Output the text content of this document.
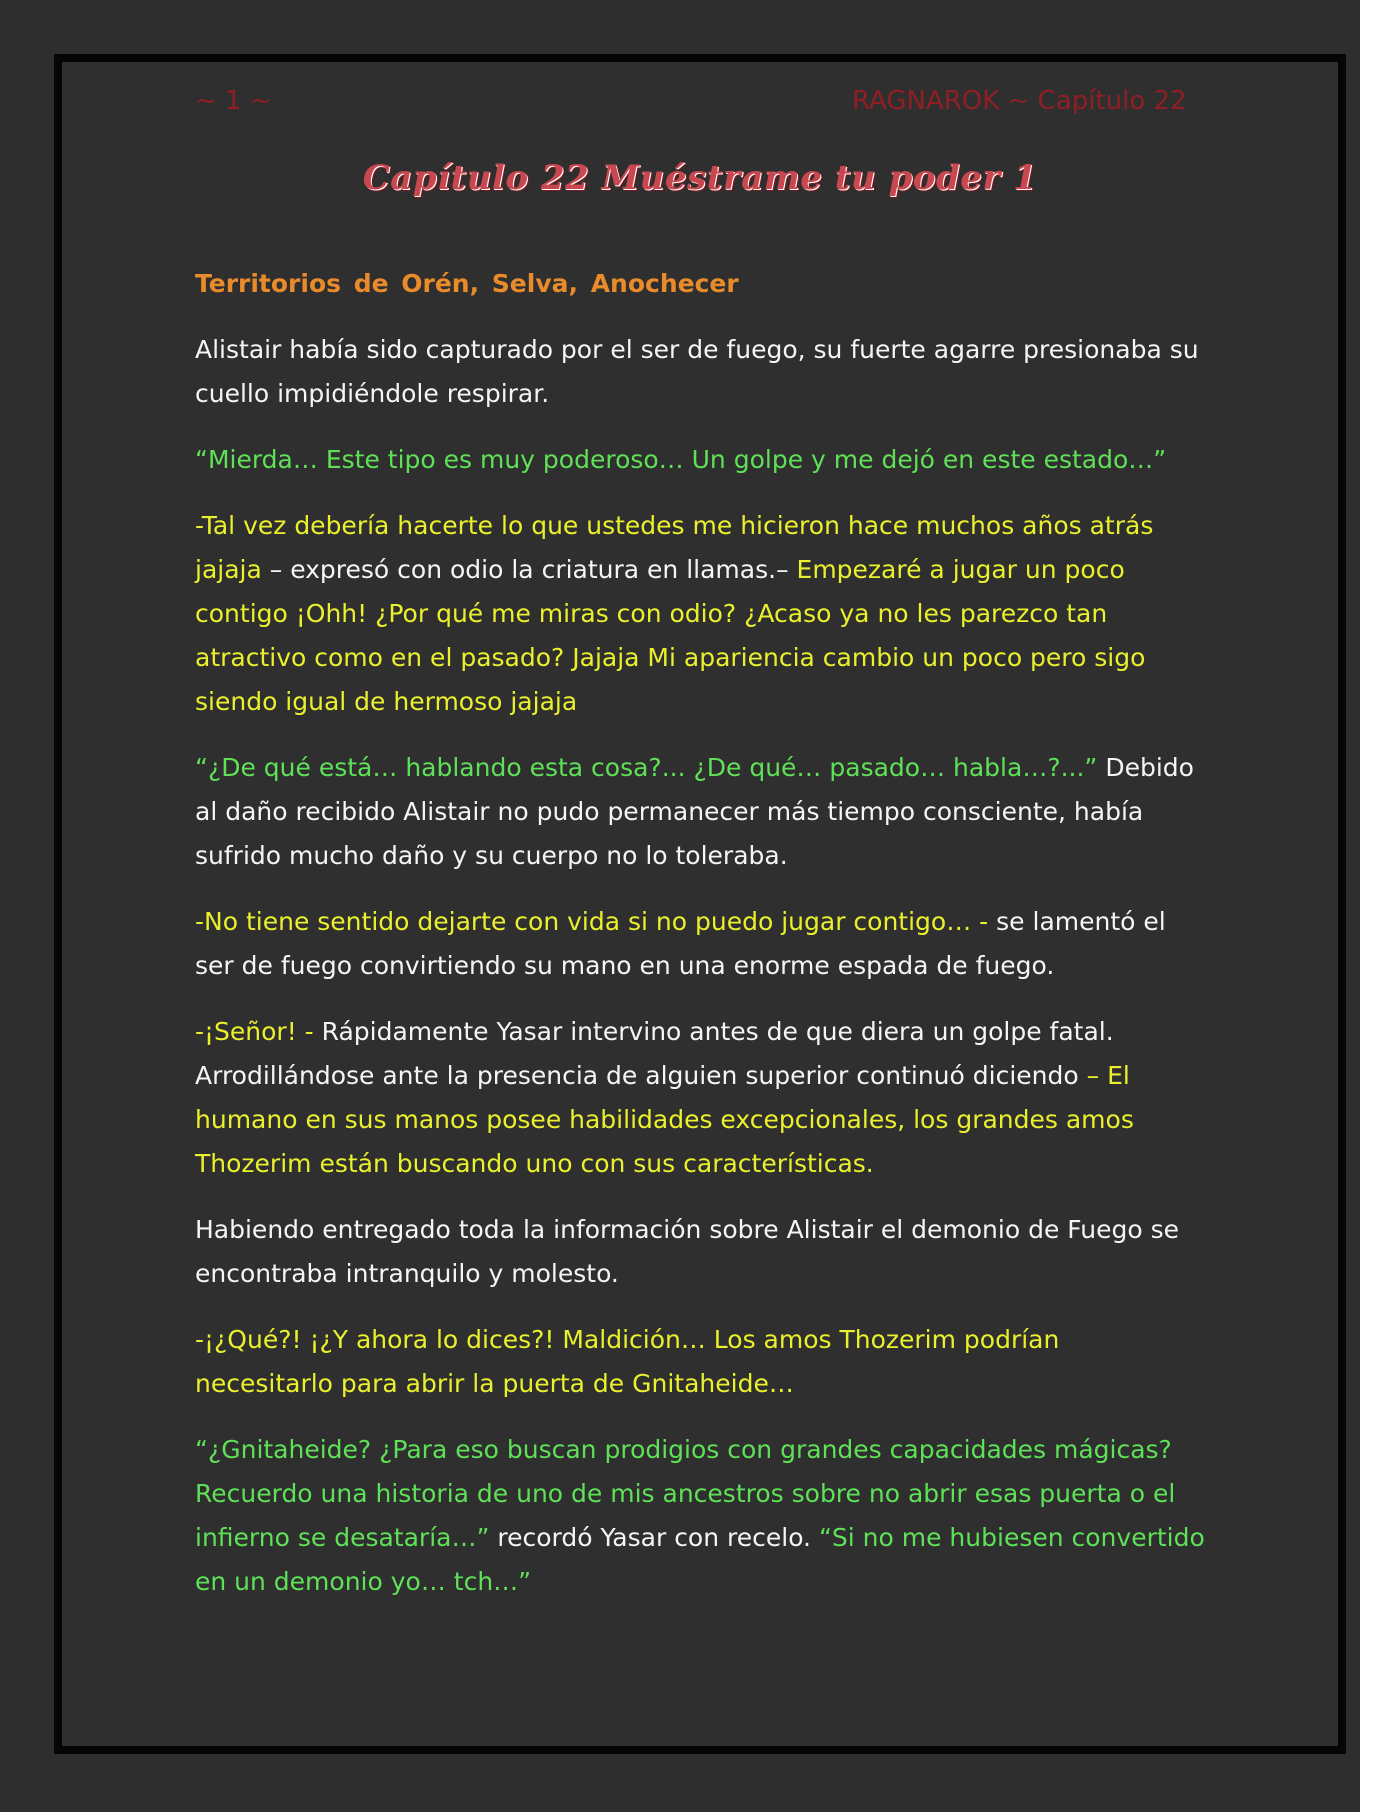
~ 1 ~	RAGNAROK ~ Capítulo 22
Capítulo 22 Muéstrame tu poder 1

Territorios de Orén, Selva, Anochecer

Alistair había sido capturado por el ser de fuego, su fuerte agarre presionaba su cuello impidiéndole respirar.

“Mierda… Este tipo es muy poderoso… Un golpe y me dejó en este estado…”

-Tal vez debería hacerte lo que ustedes me hicieron hace muchos años atrás jajaja – expresó con odio la criatura en llamas.– Empezaré a jugar un poco contigo ¡Ohh! ¿Por qué me miras con odio? ¿Acaso ya no les parezco tan atractivo como en el pasado? Jajaja Mi apariencia cambio un poco pero sigo siendo igual de hermoso jajaja

“¿De qué está… hablando esta cosa?... ¿De qué… pasado… habla…?...” Debido al daño recibido Alistair no pudo permanecer más tiempo consciente, había sufrido mucho daño y su cuerpo no lo toleraba.

-No tiene sentido dejarte con vida si no puedo jugar contigo… - se lamentó el ser de fuego convirtiendo su mano en una enorme espada de fuego.

-¡Señor! - Rápidamente Yasar intervino antes de que diera un golpe fatal. Arrodillándose ante la presencia de alguien superior continuó diciendo – El humano en sus manos posee habilidades excepcionales, los grandes amos Thozerim están buscando uno con sus características.

Habiendo entregado toda la información sobre Alistair el demonio de Fuego se encontraba intranquilo y molesto.

-¡¿Qué?! ¡¿Y ahora lo dices?! Maldición… Los amos Thozerim podrían necesitarlo para abrir la puerta de Gnitaheide…

“¿Gnitaheide? ¿Para eso buscan prodigios con grandes capacidades mágicas? Recuerdo una historia de uno de mis ancestros sobre no abrir esas puerta o el infierno se desataría…” recordó Yasar con recelo. “Si no me hubiesen convertido en un demonio yo… tch…”
